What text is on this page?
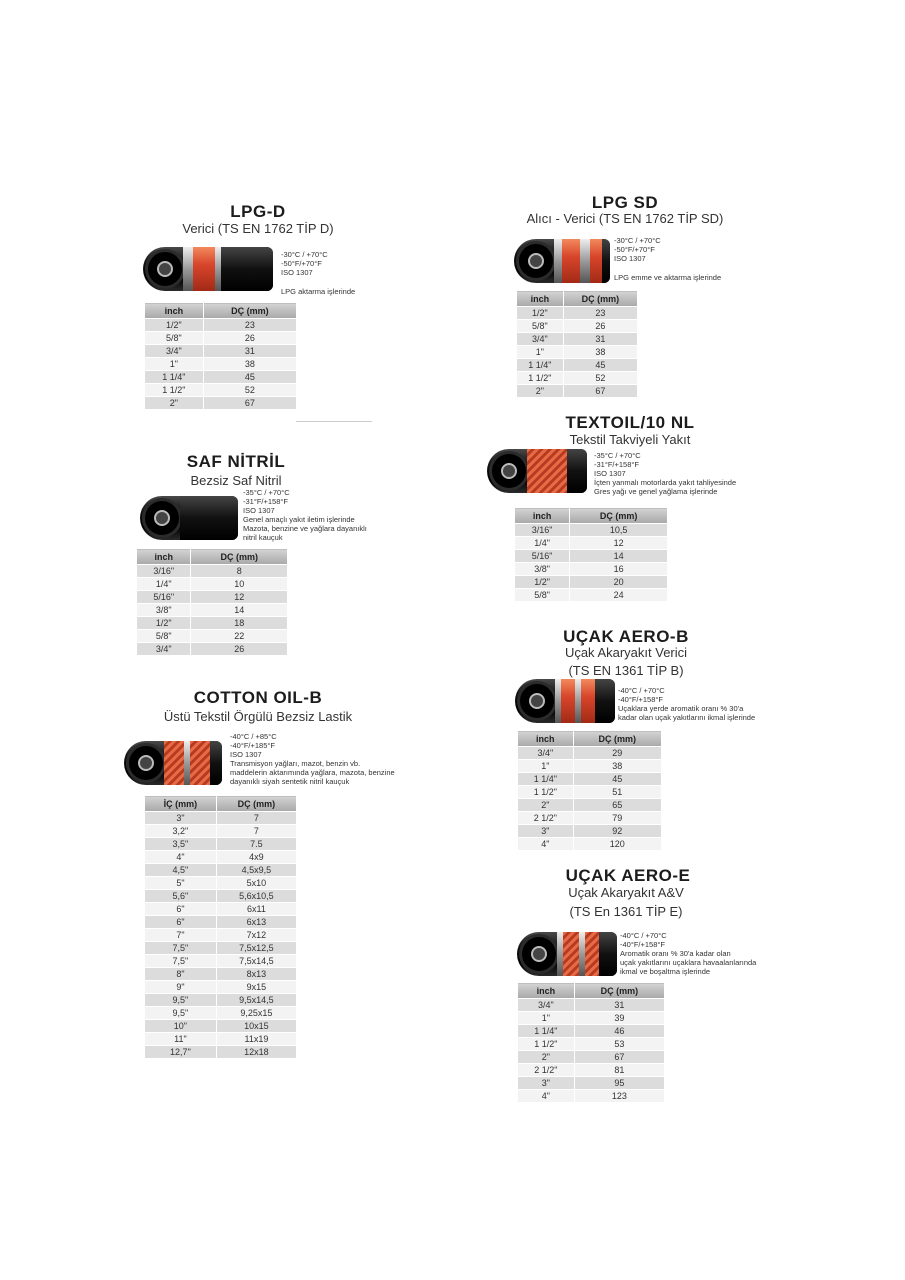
LPG-D
Verici (TS EN 1762 TİP D)
-30°C / +70°C
-50°F/+70°F
ISO 1307
LPG aktarma işlerinde
inch	DÇ (mm)
1/2"	23
5/8"	26
3/4"	31
1"	38
1 1/4"	45
1 1/2"	52
2"	67
SAF NİTRİL
Bezsiz Saf Nitril
-35°C / +70°C
-31°F/+158°F
ISO 1307
Genel amaçlı yakıt iletim işlerinde
Mazota, benzine ve yağlara dayanıklı
nitril kauçuk
inch	DÇ (mm)
3/16"	8
1/4"	10
5/16"	12
3/8"	14
1/2"	18
5/8"	22
3/4"	26
COTTON OIL-B
Üstü Tekstil Örgülü Bezsiz Lastik
-40°C / +85°C
-40°F/+185°F
ISO 1307
Transmisyon yağları, mazot, benzin vb.
maddelerin aktarımında yağlara, mazota, benzine
dayanıklı siyah sentetik nitril kauçuk
İÇ (mm)	DÇ (mm)
3"	7
3,2"	7
3,5"	7.5
4"	4x9
4,5"	4,5x9,5
5"	5x10
5,6"	5,6x10,5
6"	6x11
6"	6x13
7"	7x12
7,5"	7,5x12,5
7,5"	7,5x14,5
8"	8x13
9"	9x15
9,5"	9,5x14,5
9,5"	9,25x15
10"	10x15
11"	11x19
12,7"	12x18
LPG SD
Alıcı - Verici (TS EN 1762 TİP SD)
-30°C / +70°C
-50°F/+70°F
ISO 1307
LPG emme ve aktarma işlerinde
inch	DÇ (mm)
1/2"	23
5/8"	26
3/4"	31
1"	38
1 1/4"	45
1 1/2"	52
2"	67
TEXTOIL/10 NL
Tekstil Takviyeli Yakıt
-35°C / +70°C
-31°F/+158°F
ISO 1307
İçten yanmalı motorlarda yakıt tahliyesinde
Gres yağı ve genel yağlama işlerinde
inch	DÇ (mm)
3/16"	10,5
1/4"	12
5/16"	14
3/8"	16
1/2"	20
5/8"	24
UÇAK AERO-B
Uçak Akaryakıt Verici
(TS EN 1361 TİP B)
-40°C / +70°C
-40°F/+158°F
Uçaklara yerde aromatik oranı % 30'a
kadar olan uçak yakıtlarını ikmal işlerinde
inch	DÇ (mm)
3/4"	29
1"	38
1 1/4"	45
1 1/2"	51
2"	65
2 1/2"	79
3"	92
4"	120
UÇAK AERO-E
Uçak Akaryakıt A&V
(TS En 1361 TİP E)
-40°C / +70°C
-40°F/+158°F
Aromatik oranı % 30'a kadar olan
uçak yakıtlarını uçaklara havaalanlarında
ikmal ve boşaltma işlerinde
inch	DÇ (mm)
3/4"	31
1"	39
1 1/4"	46
1 1/2"	53
2"	67
2 1/2"	81
3"	95
4"	123
